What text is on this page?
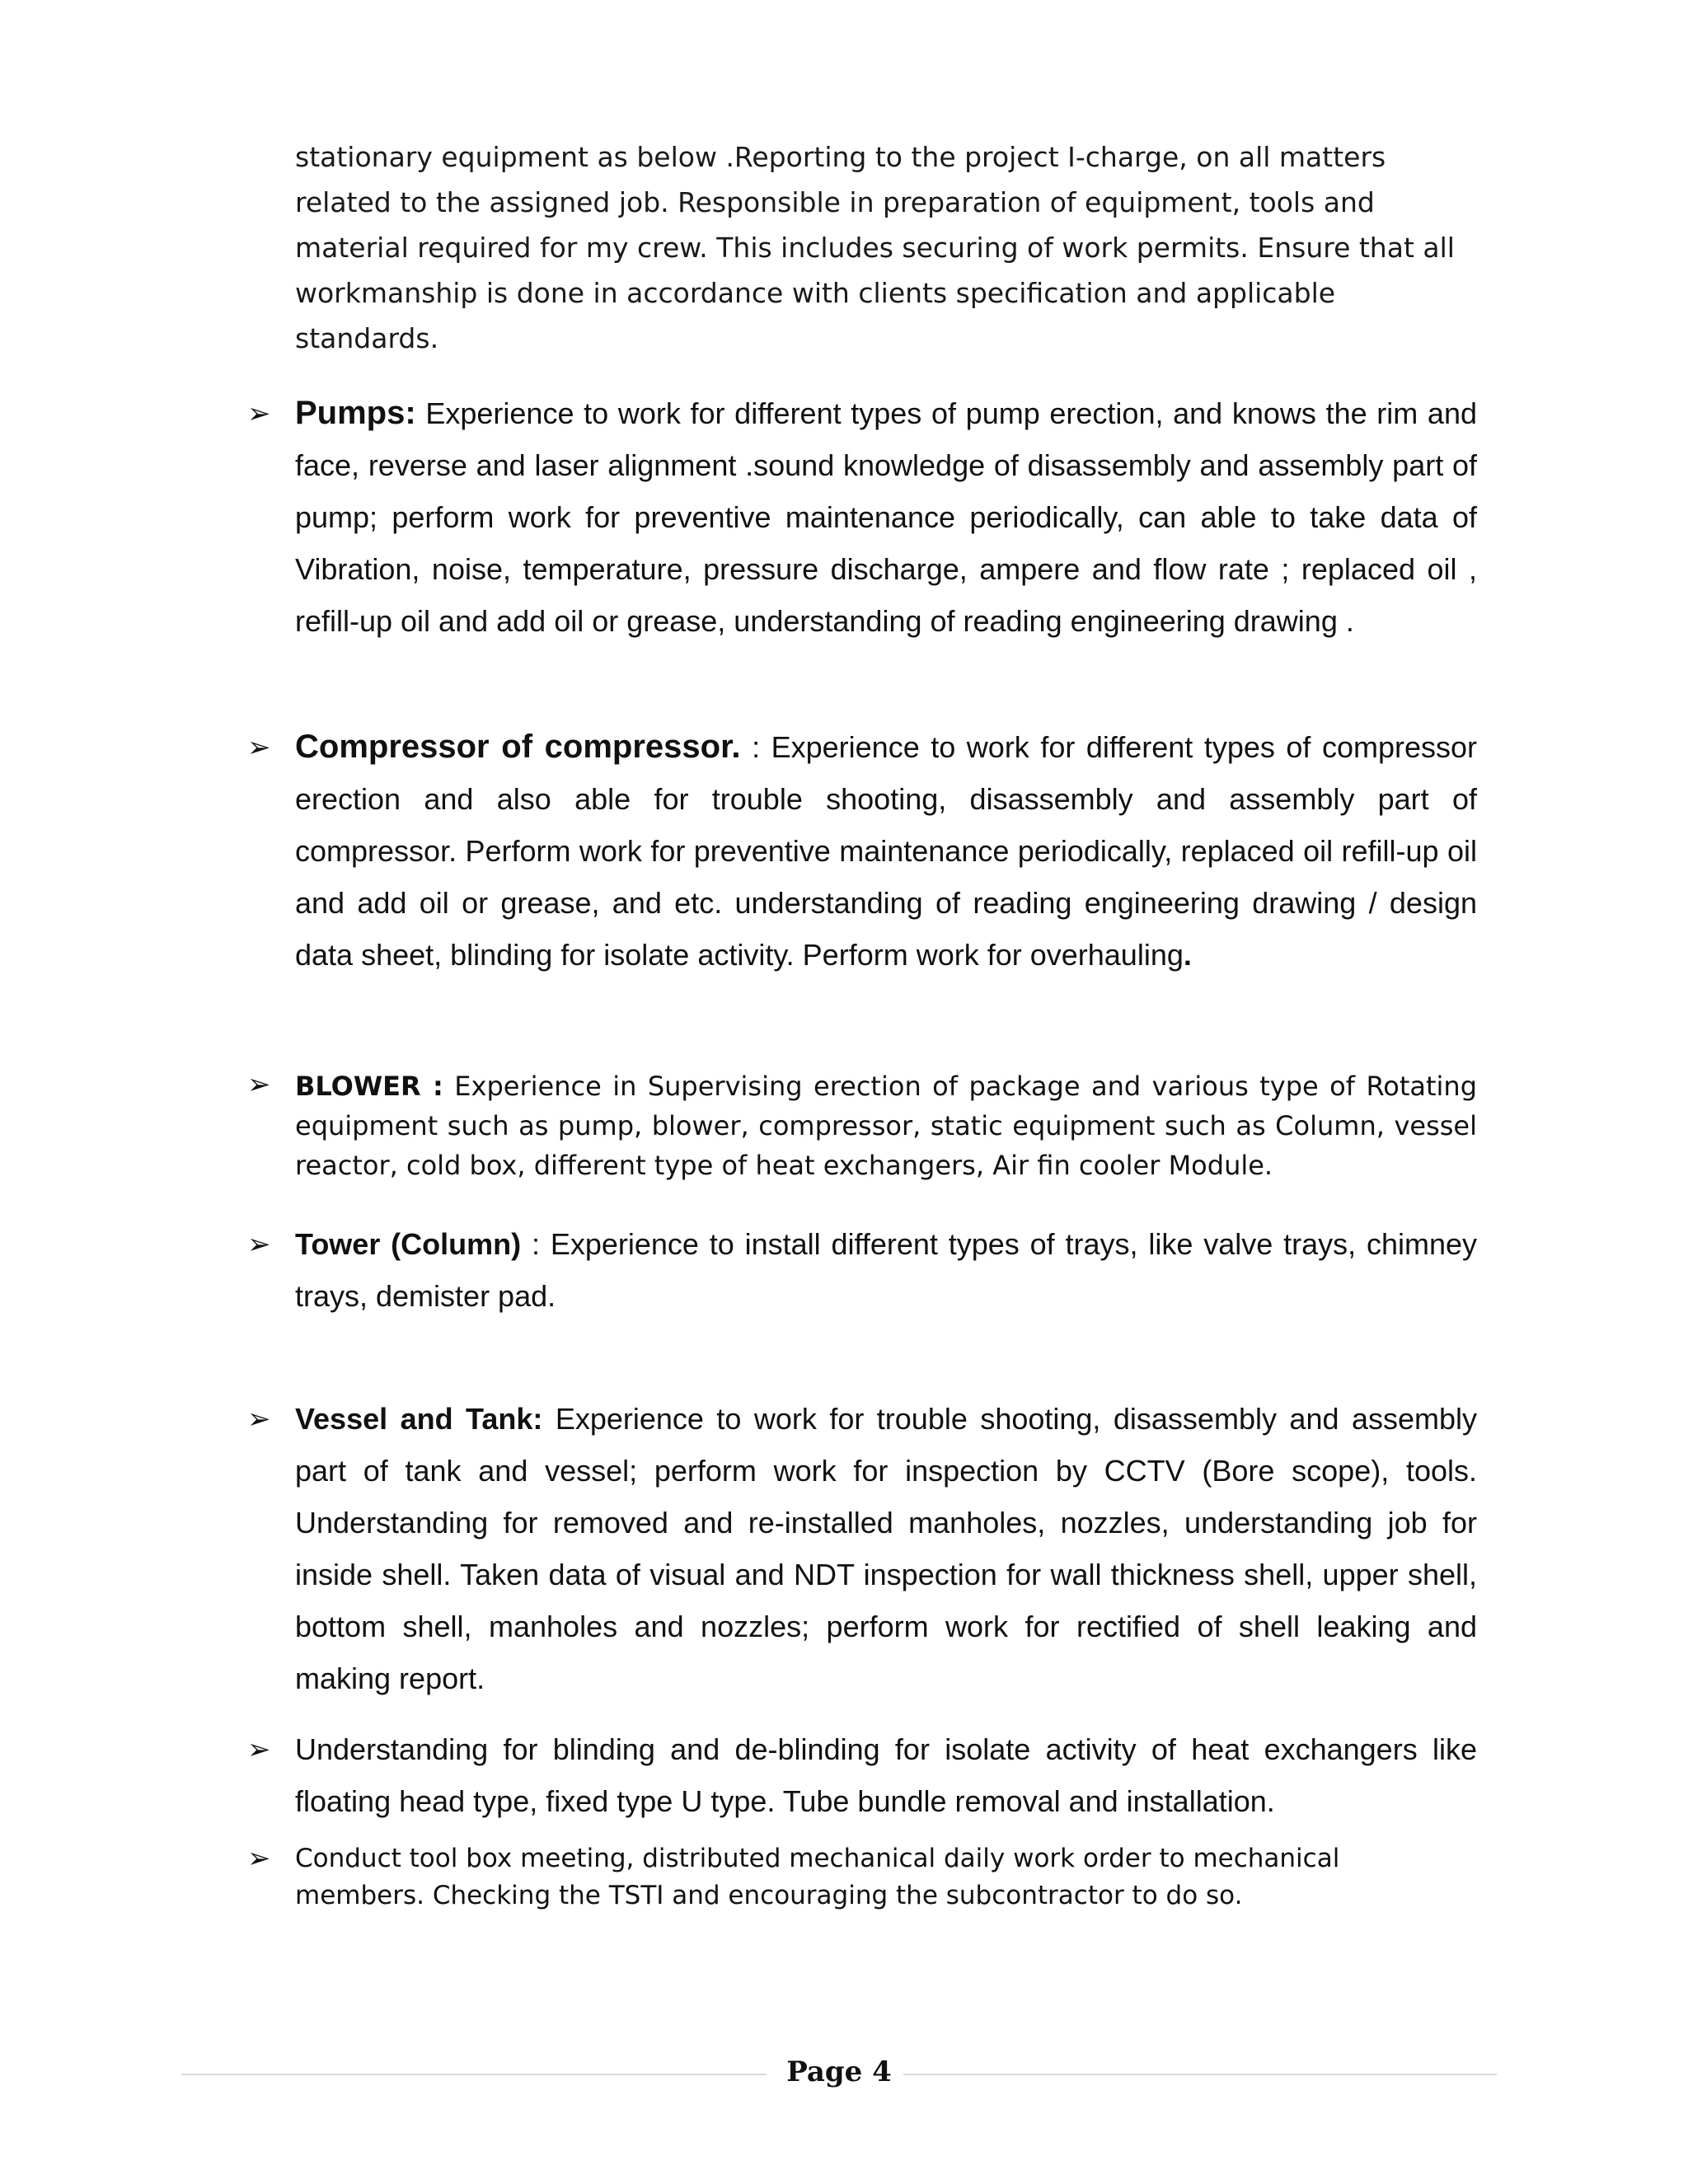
stationary equipment as below .Reporting to the project I-charge, on all matters related to the assigned job. Responsible in preparation of equipment, tools and material required for my crew. This includes securing of work permits. Ensure that all workmanship is done in accordance with clients specification and applicable standards.

➢ Pumps: Experience to work for different types of pump erection, and knows the rim and face, reverse and laser alignment .sound knowledge of disassembly and assembly part of pump; perform work for preventive maintenance periodically, can able to take data of Vibration, noise, temperature, pressure discharge, ampere and flow rate ; replaced oil , refill-up oil and add oil or grease, understanding of reading engineering drawing .
➢ Compressor of compressor. : Experience to work for different types of compressor erection and also able for trouble shooting, disassembly and assembly part of compressor. Perform work for preventive maintenance periodically, replaced oil refill-up oil and add oil or grease, and etc. understanding of reading engineering drawing / design data sheet, blinding for isolate activity. Perform work for overhauling.
➢ BLOWER : Experience in Supervising erection of package and various type of Rotating equipment such as pump, blower, compressor, static equipment such as Column, vessel reactor, cold box, different type of heat exchangers, Air fin cooler Module.
➢ Tower (Column) : Experience to install different types of trays, like valve trays, chimney trays, demister pad.
➢ Vessel and Tank: Experience to work for trouble shooting, disassembly and assembly part of tank and vessel; perform work for inspection by CCTV (Bore scope), tools. Understanding for removed and re-installed manholes, nozzles, understanding job for inside shell. Taken data of visual and NDT inspection for wall thickness shell, upper shell, bottom shell, manholes and nozzles; perform work for rectified of shell leaking and making report.
➢ Understanding for blinding and de-blinding for isolate activity of heat exchangers like floating head type, fixed type U type. Tube bundle removal and installation.
➢ Conduct tool box meeting, distributed mechanical daily work order to mechanical members. Checking the TSTI and encouraging the subcontractor to do so.
Page 4
